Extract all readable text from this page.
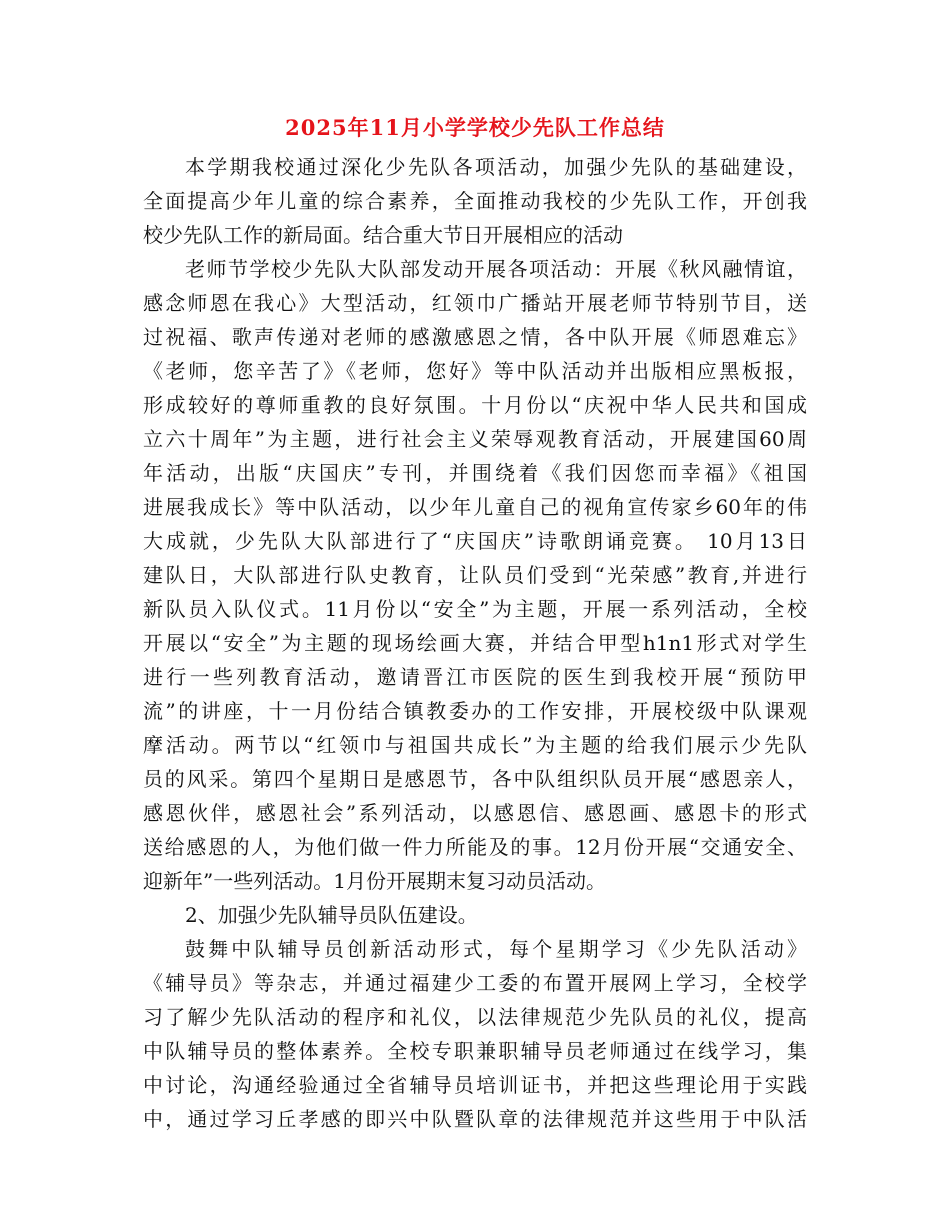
2025年11月小学学校少先队工作总结
本学期我校通过深化少先队各项活动，加强少先队的基础建设，
全面提高少年儿童的综合素养，全面推动我校的少先队工作，开创我
校少先队工作的新局面。结合重大节日开展相应的活动
老师节学校少先队大队部发动开展各项活动：开展《秋风融情谊，
感念师恩在我心》大型活动，红领巾广播站开展老师节特别节目，送
过祝福、歌声传递对老师的感激感恩之情，各中队开展《师恩难忘》
《老师，您辛苦了》《老师，您好》等中队活动并出版相应黑板报，
形成较好的尊师重教的良好氛围。十月份以“庆祝中华人民共和国成
立六十周年”为主题，进行社会主义荣辱观教育活动，开展建国60周
年活动，出版“庆国庆”专刊，并围绕着《我们因您而幸福》《祖国
进展我成长》等中队活动，以少年儿童自己的视角宣传家乡60年的伟
大成就，少先队大队部进行了“庆国庆”诗歌朗诵竞赛。 10月13日
建队日，大队部进行队史教育，让队员们受到“光荣感”教育,并进行
新队员入队仪式。11月份以“安全”为主题，开展一系列活动，全校
开展以“安全”为主题的现场绘画大赛，并结合甲型h1n1形式对学生
进行一些列教育活动，邀请晋江市医院的医生到我校开展“预防甲
流”的讲座，十一月份结合镇教委办的工作安排，开展校级中队课观
摩活动。两节以“红领巾与祖国共成长”为主题的给我们展示少先队
员的风采。第四个星期日是感恩节，各中队组织队员开展“感恩亲人，
感恩伙伴，感恩社会”系列活动，以感恩信、感恩画、感恩卡的形式
送给感恩的人，为他们做一件力所能及的事。12月份开展“交通安全、
迎新年”一些列活动。1月份开展期末复习动员活动。
2、加强少先队辅导员队伍建设。
鼓舞中队辅导员创新活动形式，每个星期学习《少先队活动》
《辅导员》等杂志，并通过福建少工委的布置开展网上学习，全校学
习了解少先队活动的程序和礼仪，以法律规范少先队员的礼仪，提高
中队辅导员的整体素养。全校专职兼职辅导员老师通过在线学习，集
中讨论，沟通经验通过全省辅导员培训证书，并把这些理论用于实践
中，通过学习丘孝感的即兴中队暨队章的法律规范并这些用于中队活
